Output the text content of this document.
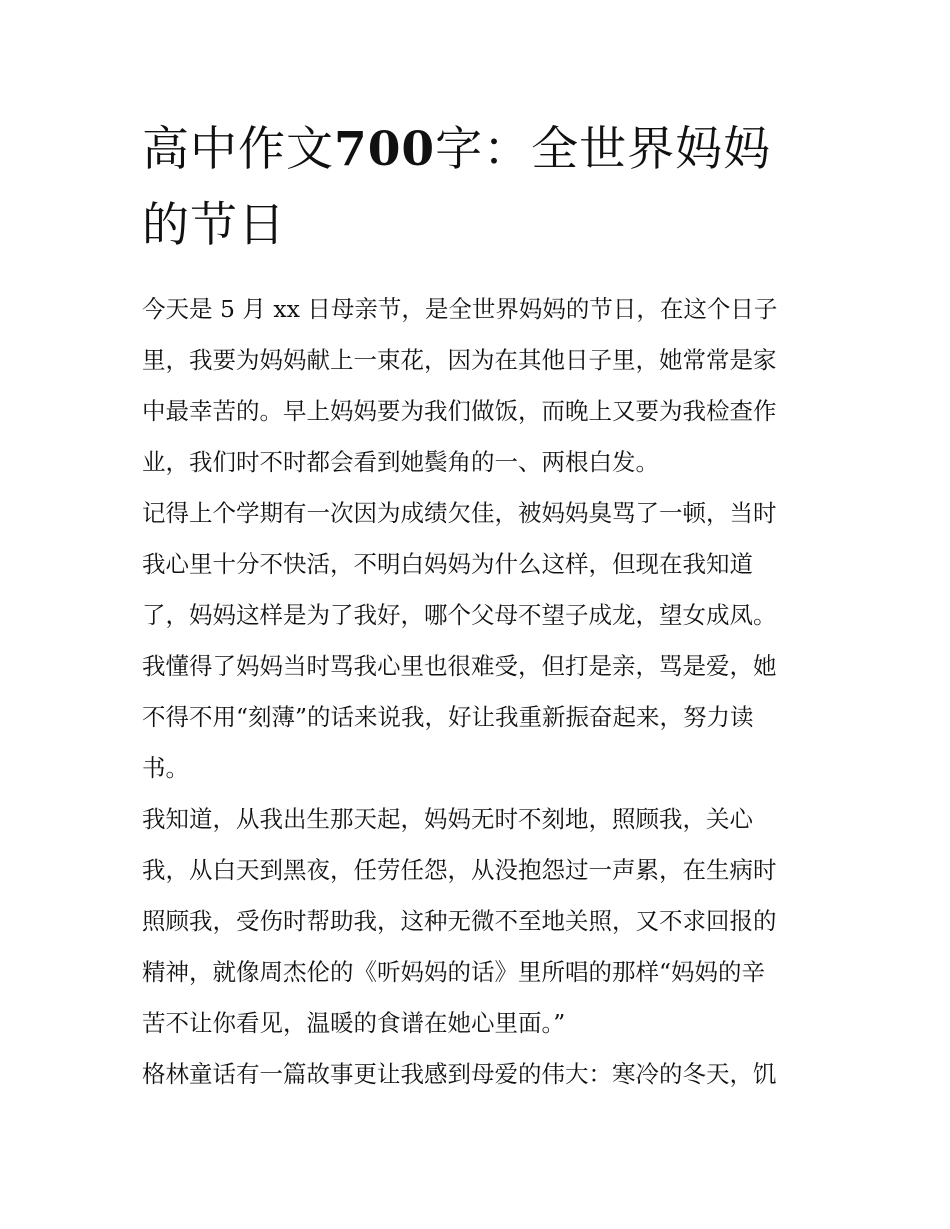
高中作文700字：全世界妈妈
的节日

今天是 5 月 xx 日母亲节，是全世界妈妈的节日，在这个日子
里，我要为妈妈献上一束花，因为在其他日子里，她常常是家
中最幸苦的。早上妈妈要为我们做饭，而晚上又要为我检查作
业，我们时不时都会看到她鬓角的一、两根白发。

记得上个学期有一次因为成绩欠佳，被妈妈臭骂了一顿，当时
我心里十分不快活，不明白妈妈为什么这样，但现在我知道
了，妈妈这样是为了我好，哪个父母不望子成龙，望女成凤。
我懂得了妈妈当时骂我心里也很难受，但打是亲，骂是爱，她
不得不用“刻薄”的话来说我，好让我重新振奋起来，努力读
书。

我知道，从我出生那天起，妈妈无时不刻地，照顾我，关心
我，从白天到黑夜，任劳任怨，从没抱怨过一声累，在生病时
照顾我，受伤时帮助我，这种无微不至地关照，又不求回报的
精神，就像周杰伦的《听妈妈的话》里所唱的那样“妈妈的辛
苦不让你看见，温暖的食谱在她心里面。”

格林童话有一篇故事更让我感到母爱的伟大：寒冷的冬天，饥
